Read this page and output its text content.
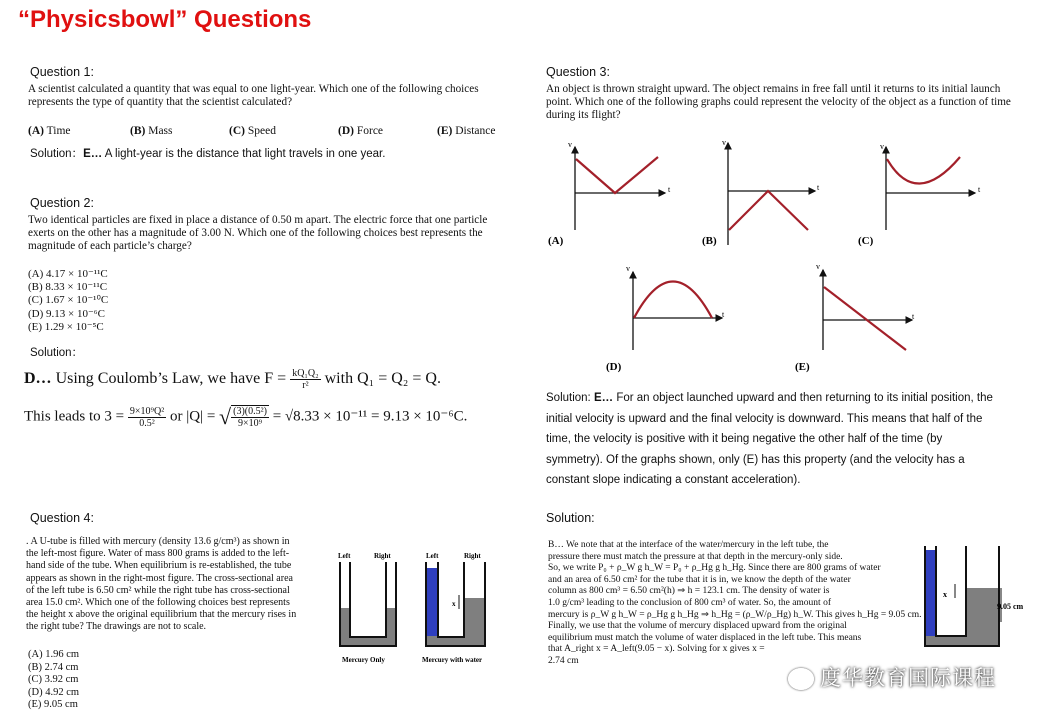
“Physicsbowl” Questions
Question 1:
A scientist calculated a quantity that was equal to one light-year. Which one of the following choices
represents the type of quantity that the scientist calculated?
(A) Time	(B) Mass	(C) Speed	(D) Force	(E) Distance
Solution：E… A light-year is the distance that light travels in one year.
Question 2:
Two identical particles are fixed in place a distance of 0.50 m apart. The electric force that one particle
exerts on the other has a magnitude of 3.00 N. Which one of the following choices best represents the
magnitude of each particle’s charge?
(A) 4.17 × 10⁻¹¹C
(B) 8.33 × 10⁻¹¹C
(C) 1.67 × 10⁻¹⁰C
(D) 9.13 × 10⁻⁶C
(E) 1.29 × 10⁻⁵C
Solution：
D… Using Coulomb’s Law, we have $F = \frac{\text{kQ₁Q₂}}{\text{r²}}$ with Q₁ = Q₂ = Q.
This leads to $3 = \frac{\text{9×10⁹Q²}}{\text{0.5²}}$ or |Q| = √ $\frac{\text{(3)(0.5²)}}{\text{9×10⁹}} = √8.33 \times 10^{-11} = 9.13 \times 10^{-6}C$.
Question 3:
An object is thrown straight upward. The object remains in free fall until it returns to its initial launch
point. Which one of the following graphs could represent the velocity of the object as a function of time
during its flight?
v
t
(A)
v
t
(B)
v
t
(C)
v
t
(D)
v
t
(E)
Solution: E… For an object launched upward and then returning to its initial position, the
initial velocity is upward and the final velocity is downward. This means that half of the
time, the velocity is positive with it being negative the other half of the time (by
symmetry). Of the graphs shown, only (E) has this property (and the velocity has a
constant slope indicating a constant acceleration).
Question 4:
. A U-tube is filled with mercury (density 13.6 g/cm³) as shown in
the left-most figure. Water of mass 800 grams is added to the left-
hand side of the tube. When equilibrium is re-established, the tube
appears as shown in the right-most figure. The cross-sectional area
of the left tube is 6.50 cm² while the right tube has cross-sectional
area 15.0 cm². Which one of the following choices best represents
the height x above the original equilibrium that the mercury rises in
the right tube? The drawings are not to scale.
(A) 1.96 cm
(B) 2.74 cm
(C) 3.92 cm
(D) 4.92 cm
(E) 9.05 cm
Left	Right
Mercury Only
Left	Right
x
Mercury with water
Solution:
B… We note that at the interface of the water/mercury in the left tube, the
pressure there must match the pressure at that depth in the mercury-only side.
So, we write P₀ + ρ_W g h_W = P₀ + ρ_Hg g h_Hg. Since there are 800 grams of water
and an area of 6.50 cm² for the tube that it is in, we know the depth of the water
column as 800 cm³ = 6.50 cm²(h) ⇒ h = 123.1 cm. The density of water is
1.0 g/cm³ leading to the conclusion of 800 cm³ of water. So, the amount of
mercury is ρ_W g h_W = ρ_Hg g h_Hg ⇒ h_Hg = (ρ_W/ρ_Hg) h_W. This gives h_Hg = 9.05 cm.
Finally, we use that the volume of mercury displaced upward from the original
equilibrium must match the volume of water displaced in the left tube. This means
that A_right x = A_left(9.05 − x). Solving for x gives x =
2.74 cm
x
9.05 cm
度华教育国际课程
